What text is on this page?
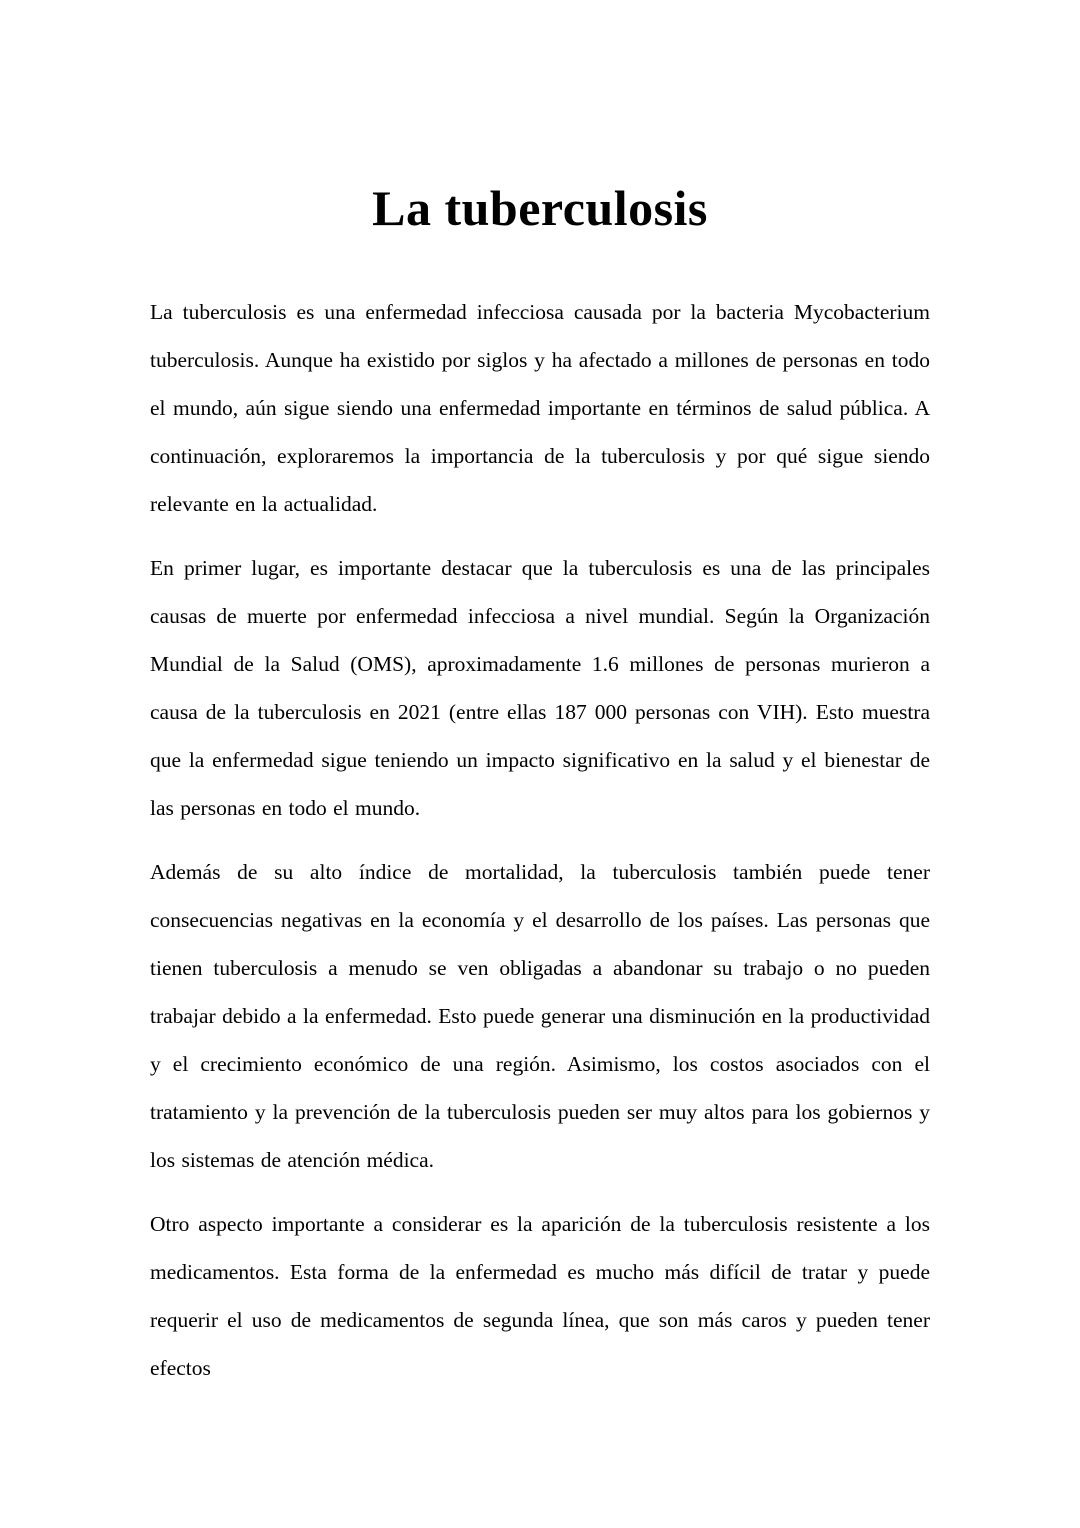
La tuberculosis

La tuberculosis es una enfermedad infecciosa causada por la bacteria Mycobacterium tuberculosis. Aunque ha existido por siglos y ha afectado a millones de personas en todo el mundo, aún sigue siendo una enfermedad importante en términos de salud pública. A continuación, exploraremos la importancia de la tuberculosis y por qué sigue siendo relevante en la actualidad.

En primer lugar, es importante destacar que la tuberculosis es una de las principales causas de muerte por enfermedad infecciosa a nivel mundial. Según la Organización Mundial de la Salud (OMS), aproximadamente 1.6 millones de personas murieron a causa de la tuberculosis en 2021 (entre ellas 187 000 personas con VIH). Esto muestra que la enfermedad sigue teniendo un impacto significativo en la salud y el bienestar de las personas en todo el mundo.

Además de su alto índice de mortalidad, la tuberculosis también puede tener consecuencias negativas en la economía y el desarrollo de los países. Las personas que tienen tuberculosis a menudo se ven obligadas a abandonar su trabajo o no pueden trabajar debido a la enfermedad. Esto puede generar una disminución en la productividad y el crecimiento económico de una región. Asimismo, los costos asociados con el tratamiento y la prevención de la tuberculosis pueden ser muy altos para los gobiernos y los sistemas de atención médica.

Otro aspecto importante a considerar es la aparición de la tuberculosis resistente a los medicamentos. Esta forma de la enfermedad es mucho más difícil de tratar y puede requerir el uso de medicamentos de segunda línea, que son más caros y pueden tener efectos
